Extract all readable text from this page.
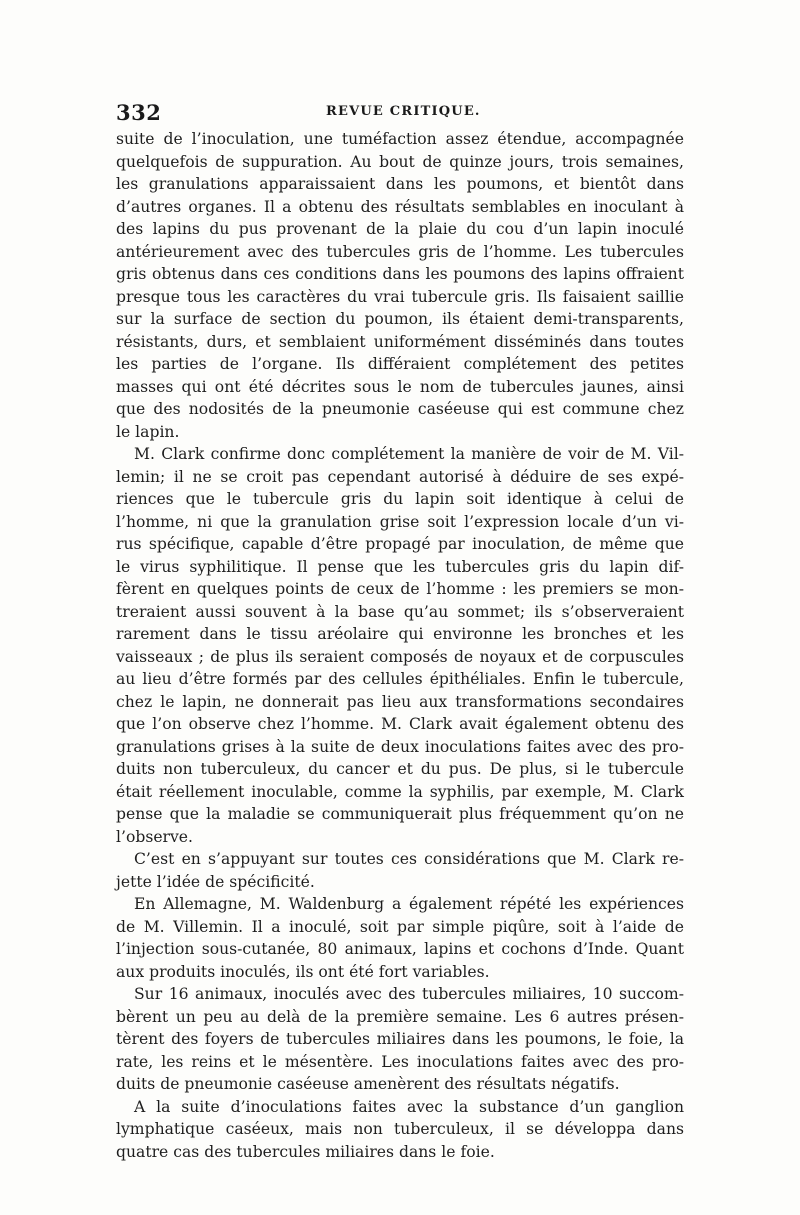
332	REVUE CRITIQUE.
suite de l’inoculation, une tuméfaction assez étendue, accompagnée
quelquefois de suppuration. Au bout de quinze jours, trois semaines,
les granulations apparaissaient dans les poumons, et bientôt dans
d’autres organes. Il a obtenu des résultats semblables en inoculant à
des lapins du pus provenant de la plaie du cou d’un lapin inoculé
antérieurement avec des tubercules gris de l’homme. Les tubercules
gris obtenus dans ces conditions dans les poumons des lapins offraient
presque tous les caractères du vrai tubercule gris. Ils faisaient saillie
sur la surface de section du poumon, ils étaient demi-transparents,
résistants, durs, et semblaient uniformément disséminés dans toutes
les parties de l’organe. Ils différaient complétement des petites
masses qui ont été décrites sous le nom de tubercules jaunes, ainsi
que des nodosités de la pneumonie caséeuse qui est commune chez
le lapin.
M. Clark confirme donc complétement la manière de voir de M. Vil-
lemin; il ne se croit pas cependant autorisé à déduire de ses expé-
riences que le tubercule gris du lapin soit identique à celui de
l’homme, ni que la granulation grise soit l’expression locale d’un vi-
rus spécifique, capable d’être propagé par inoculation, de même que
le virus syphilitique. Il pense que les tubercules gris du lapin dif-
fèrent en quelques points de ceux de l’homme : les premiers se mon-
treraient aussi souvent à la base qu’au sommet; ils s’observeraient
rarement dans le tissu aréolaire qui environne les bronches et les
vaisseaux ; de plus ils seraient composés de noyaux et de corpuscules
au lieu d’être formés par des cellules épithéliales. Enfin le tubercule,
chez le lapin, ne donnerait pas lieu aux transformations secondaires
que l’on observe chez l’homme. M. Clark avait également obtenu des
granulations grises à la suite de deux inoculations faites avec des pro-
duits non tuberculeux, du cancer et du pus. De plus, si le tubercule
était réellement inoculable, comme la syphilis, par exemple, M. Clark
pense que la maladie se communiquerait plus fréquemment qu’on ne
l’observe.
C’est en s’appuyant sur toutes ces considérations que M. Clark re-
jette l’idée de spécificité.
En Allemagne, M. Waldenburg a également répété les expériences
de M. Villemin. Il a inoculé, soit par simple piqûre, soit à l’aide de
l’injection sous-cutanée, 80 animaux, lapins et cochons d’Inde. Quant
aux produits inoculés, ils ont été fort variables.
Sur 16 animaux, inoculés avec des tubercules miliaires, 10 succom-
bèrent un peu au delà de la première semaine. Les 6 autres présen-
tèrent des foyers de tubercules miliaires dans les poumons, le foie, la
rate, les reins et le mésentère. Les inoculations faites avec des pro-
duits de pneumonie caséeuse amenèrent des résultats négatifs.
A la suite d’inoculations faites avec la substance d’un ganglion
lymphatique caséeux, mais non tuberculeux, il se développa dans
quatre cas des tubercules miliaires dans le foie.
